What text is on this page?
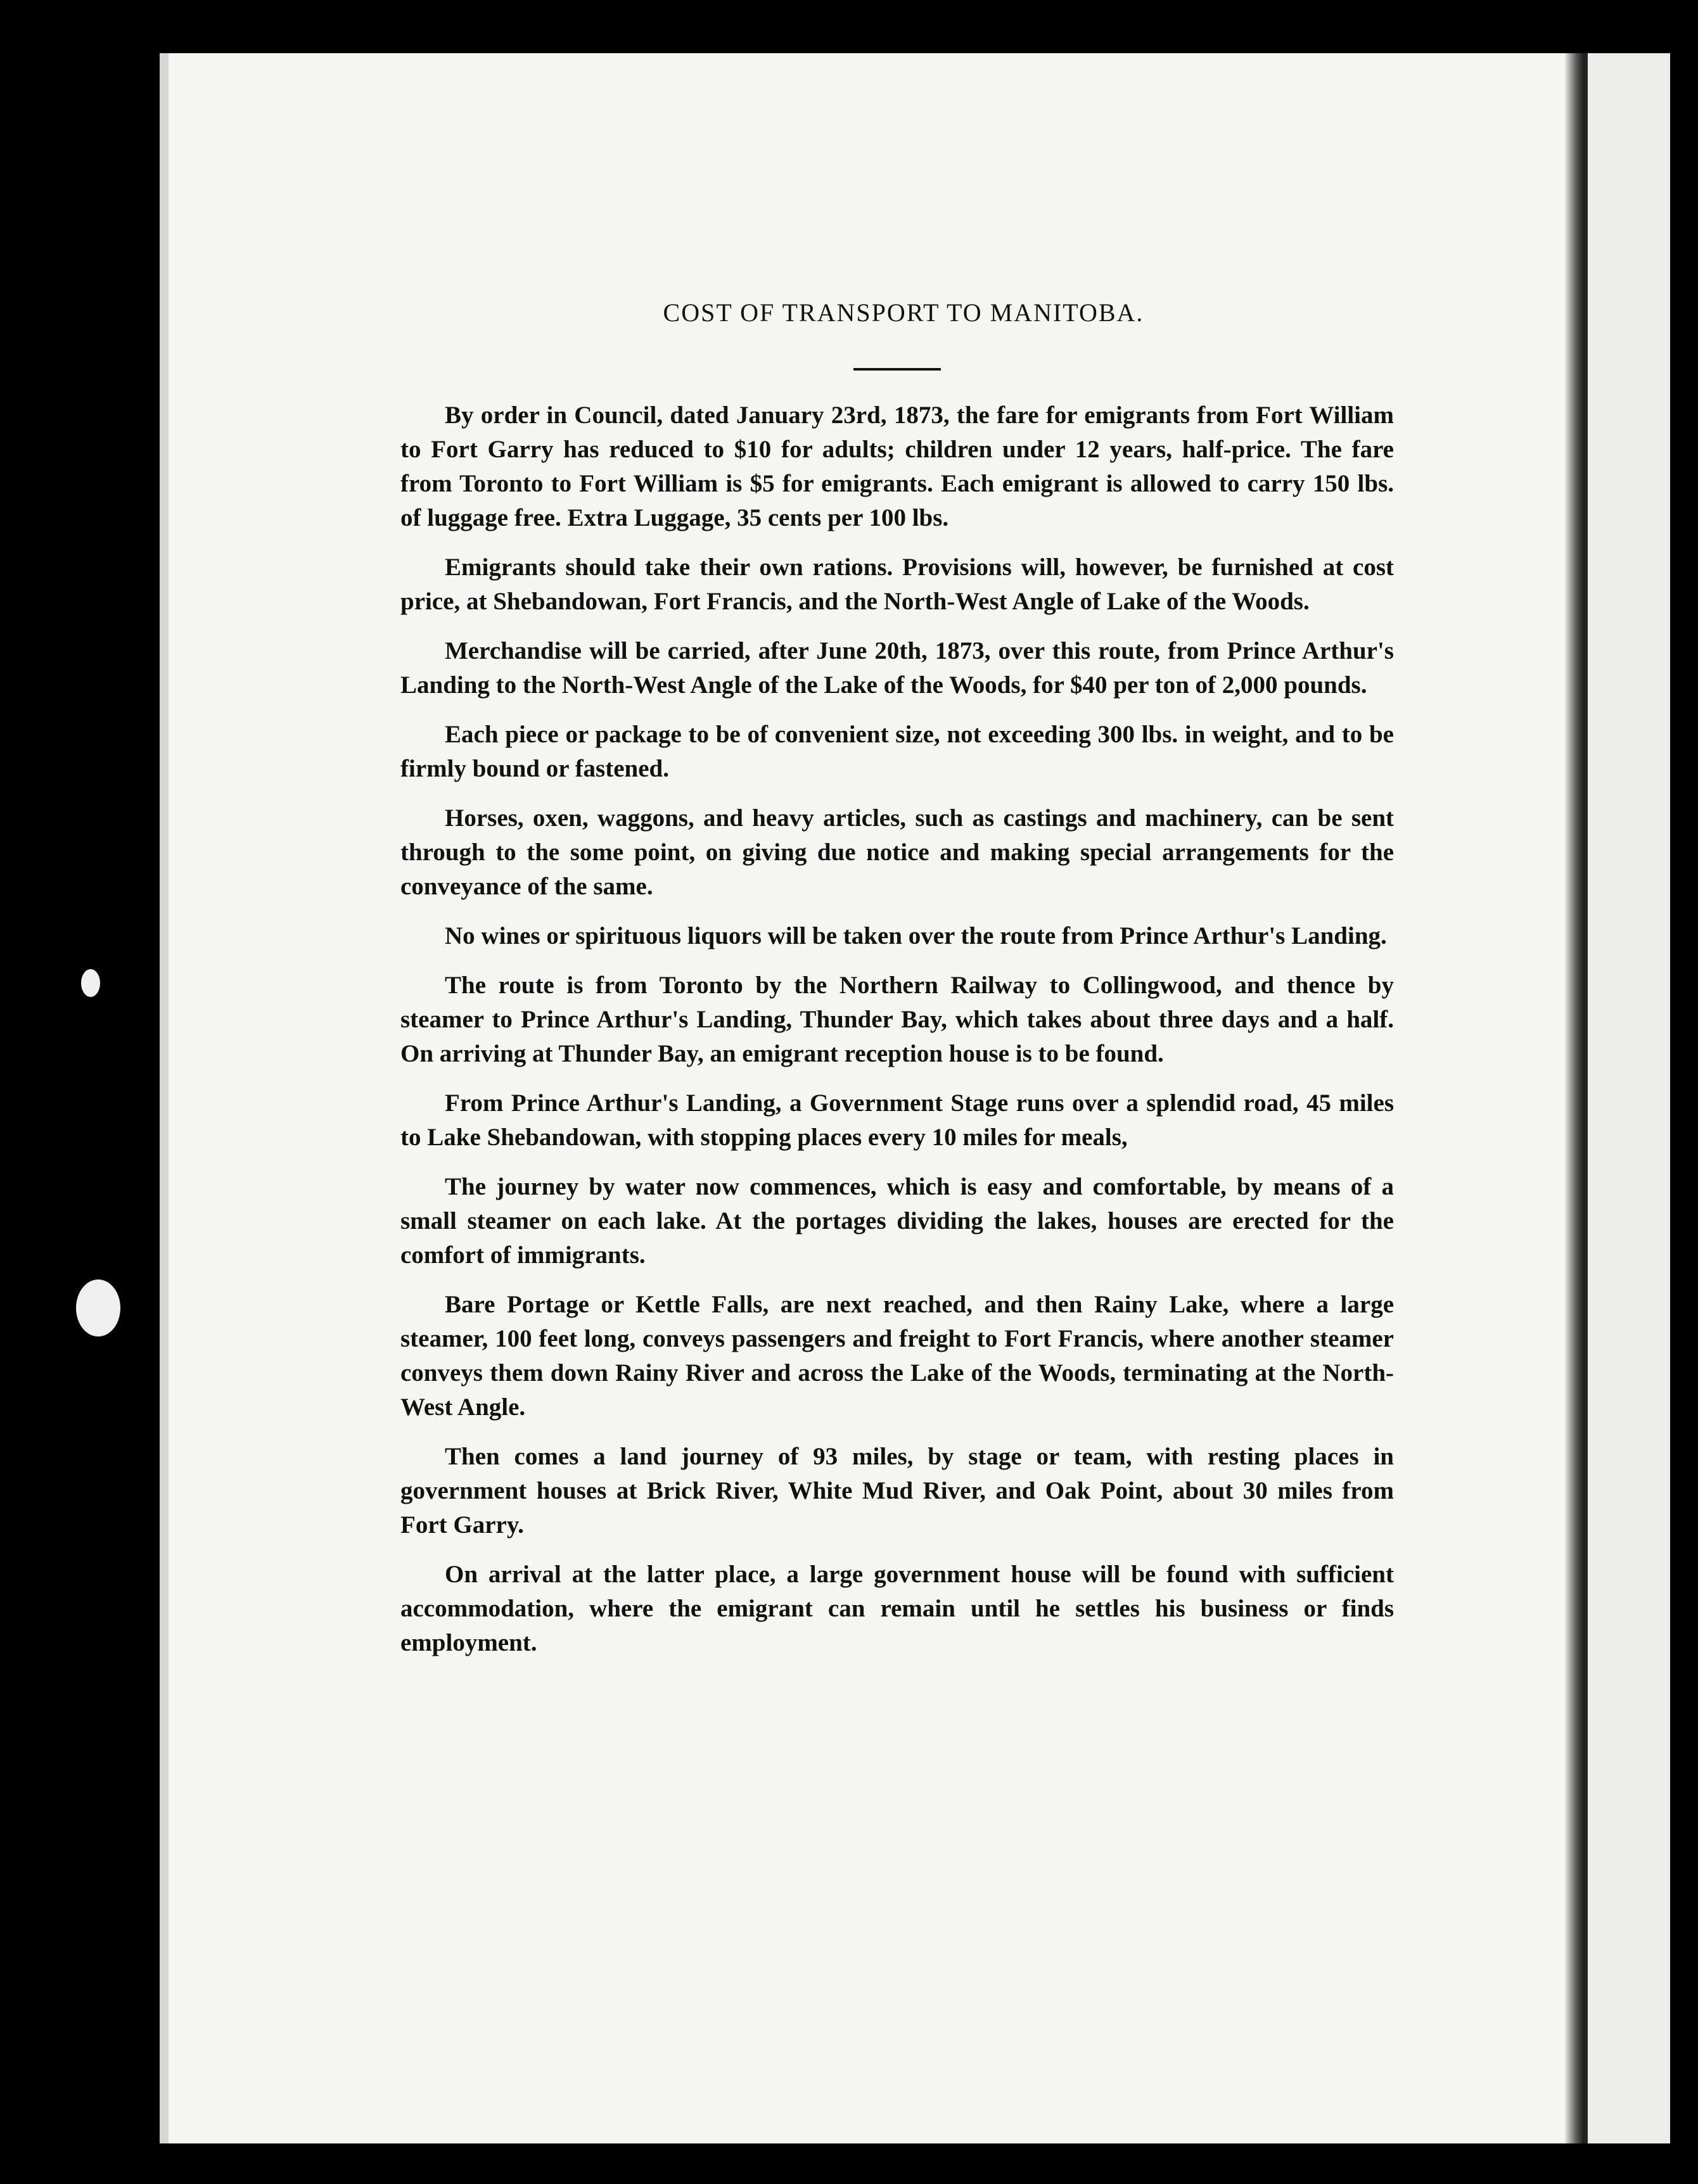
COST OF TRANSPORT TO MANITOBA.

By order in Council, dated January 23rd, 1873, the fare for emigrants from Fort William to Fort Garry has reduced to $10 for adults; children under 12 years, half-price. The fare from Toronto to Fort William is $5 for emigrants. Each emigrant is allowed to carry 150 lbs. of luggage free. Extra Luggage, 35 cents per 100 lbs.

Emigrants should take their own rations. Provisions will, however, be furnished at cost price, at Shebandowan, Fort Francis, and the North-West Angle of Lake of the Woods.

Merchandise will be carried, after June 20th, 1873, over this route, from Prince Arthur's Landing to the North-West Angle of the Lake of the Woods, for $40 per ton of 2,000 pounds.

Each piece or package to be of convenient size, not exceeding 300 lbs. in weight, and to be firmly bound or fastened.

Horses, oxen, waggons, and heavy articles, such as castings and machinery, can be sent through to the some point, on giving due notice and making special arrangements for the conveyance of the same.

No wines or spirituous liquors will be taken over the route from Prince Arthur's Landing.

The route is from Toronto by the Northern Railway to Collingwood, and thence by steamer to Prince Arthur's Landing, Thunder Bay, which takes about three days and a half. On arriving at Thunder Bay, an emigrant reception house is to be found.

From Prince Arthur's Landing, a Government Stage runs over a splendid road, 45 miles to Lake Shebandowan, with stopping places every 10 miles for meals,

The journey by water now commences, which is easy and comfortable, by means of a small steamer on each lake. At the portages dividing the lakes, houses are erected for the comfort of immigrants.

Bare Portage or Kettle Falls, are next reached, and then Rainy Lake, where a large steamer, 100 feet long, conveys passengers and freight to Fort Francis, where another steamer conveys them down Rainy River and across the Lake of the Woods, terminating at the North-West Angle.

Then comes a land journey of 93 miles, by stage or team, with resting places in government houses at Brick River, White Mud River, and Oak Point, about 30 miles from Fort Garry.

On arrival at the latter place, a large government house will be found with sufficient accommodation, where the emigrant can remain until he settles his business or finds employment.
